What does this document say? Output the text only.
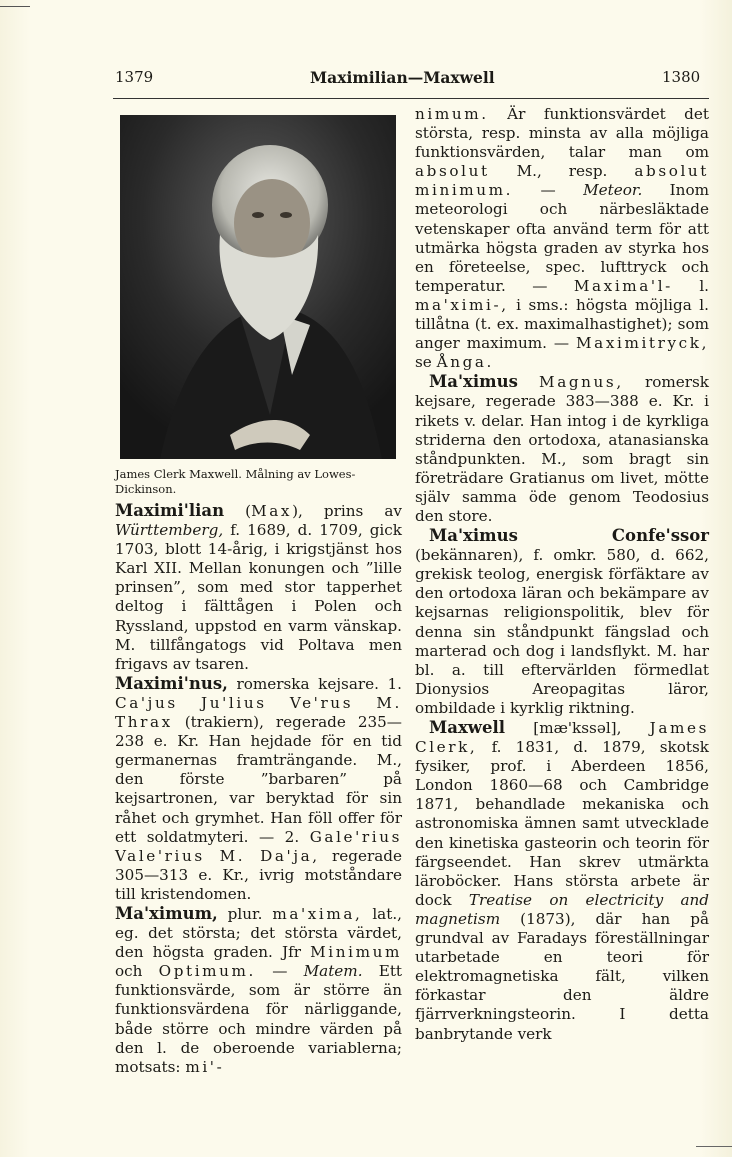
1379	Maximilian—Maxwell	1380
James Clerk Maxwell. Målning av Lowes-Dickinson.

Maximi'lian (Max), prins av Württemberg, f. 1689, d. 1709, gick 1703, blott 14-årig, i krigstjänst hos Karl XII. Mellan konungen och ”lille prinsen”, som med stor tapperhet deltog i fälttågen i Polen och Ryssland, uppstod en varm vänskap. M. tillfångatogs vid Poltava men frigavs av tsaren.

Maximi'nus, romerska kejsare. 1. Ca'jus Ju'lius Ve'rus M. Thrax (trakiern), regerade 235—238 e. Kr. Han hejdade för en tid germanernas framträngande. M., den förste ”barbaren” på kejsartronen, var beryktad för sin råhet och grymhet. Han föll offer för ett soldatmyteri. — 2. Gale'rius Vale'rius M. Da'ja, regerade 305—313 e. Kr., ivrig motståndare till kristendomen.

Ma'ximum, plur. ma'xima, lat., eg. det största; det största värdet, den högsta graden. Jfr Minimum och Optimum. — Matem. Ett funktionsvärde, som är större än funktionsvärdena för närliggande, både större och mindre värden på den l. de oberoende variablerna; motsats: mi'-

nimum. Är funktionsvärdet det största, resp. minsta av alla möjliga funktionsvärden, talar man om absolut M., resp. absolut minimum. — Meteor. Inom meteorologi och närbesläktade vetenskaper ofta använd term för att utmärka högsta graden av styrka hos en företeelse, spec. lufttryck och temperatur. — Maxima'l- l. ma'ximi-, i sms.: högsta möjliga l. tillåtna (t. ex. maximalhastighet); som anger maximum. — Maximitryck, se Ånga.

Ma'ximus Magnus, romersk kejsare, regerade 383—388 e. Kr. i rikets v. delar. Han intog i de kyrkliga striderna den ortodoxa, atanasianska ståndpunkten. M., som bragt sin företrädare Gratianus om livet, mötte själv samma öde genom Teodosius den store.

Ma'ximus Confe'ssor (bekännaren), f. omkr. 580, d. 662, grekisk teolog, energisk förfäktare av den ortodoxa läran och bekämpare av kejsarnas religionspolitik, blev för denna sin ståndpunkt fängslad och marterad och dog i landsflykt. M. har bl. a. till eftervärlden förmedlat Dionysios Areopagitas läror, ombildade i kyrklig riktning.

Maxwell [mæ'kssəl], James Clerk, f. 1831, d. 1879, skotsk fysiker, prof. i Aberdeen 1856, London 1860—68 och Cambridge 1871, behandlade mekaniska och astronomiska ämnen samt utvecklade den kinetiska gasteorin och teorin för färgseendet. Han skrev utmärkta läroböcker. Hans största arbete är dock Treatise on electricity and magnetism (1873), där han på grundval av Faradays föreställningar utarbetade en teori för elektromagnetiska fält, vilken förkastar den äldre fjärrverkningsteorin. I detta banbrytande verk
